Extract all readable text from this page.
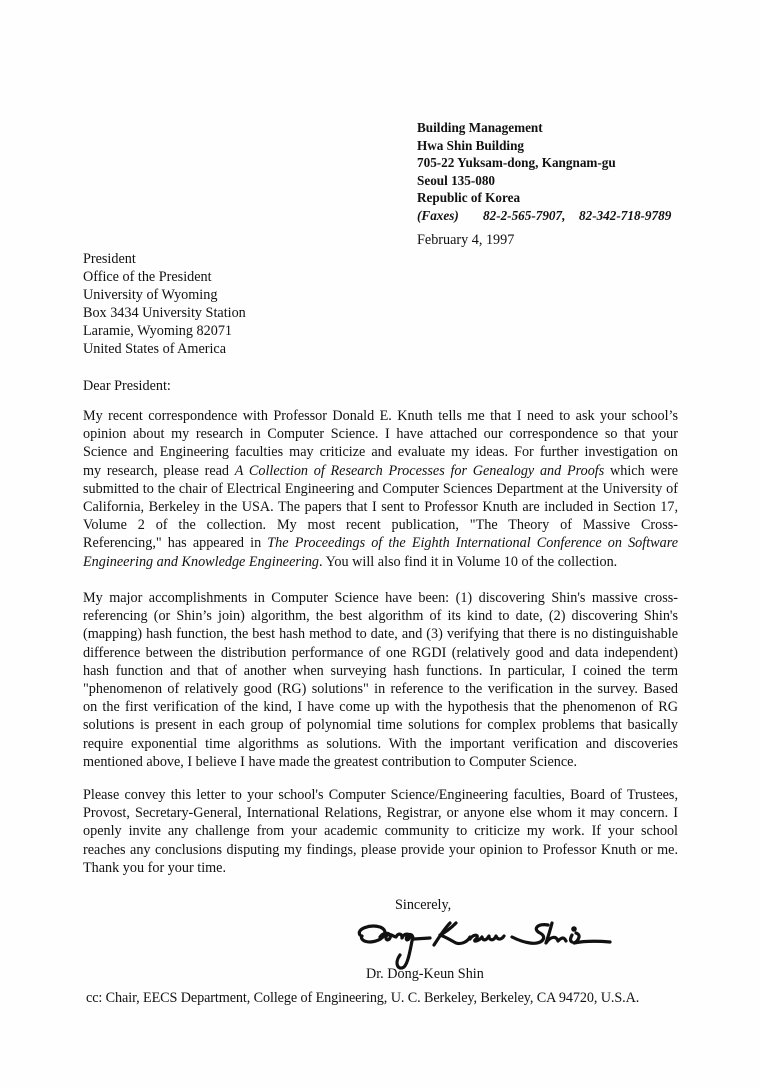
Building Management
Hwa Shin Building
705-22 Yuksam-dong, Kangnam-gu
Seoul 135-080
Republic of Korea
(Faxes) 82-2-565-7907, 82-342-718-9789
February 4, 1997
President
Office of the President
University of Wyoming
Box 3434 University Station
Laramie, Wyoming 82071
United States of America
Dear President:
My recent correspondence with Professor Donald E. Knuth tells me that I need to ask your school’s
opinion about my research in Computer Science. I have attached our correspondence so that your
Science and Engineering faculties may criticize and evaluate my ideas. For further investigation on
my research, please read A Collection of Research Processes for Genealogy and Proofs which were
submitted to the chair of Electrical Engineering and Computer Sciences Department at the University of
California, Berkeley in the USA. The papers that I sent to Professor Knuth are included in Section 17,
Volume 2 of the collection. My most recent publication, "The Theory of Massive Cross-
Referencing," has appeared in The Proceedings of the Eighth International Conference on Software
Engineering and Knowledge Engineering. You will also find it in Volume 10 of the collection.
My major accomplishments in Computer Science have been: (1) discovering Shin's massive cross-
referencing (or Shin’s join) algorithm, the best algorithm of its kind to date, (2) discovering Shin's
(mapping) hash function, the best hash method to date, and (3) verifying that there is no distinguishable
difference between the distribution performance of one RGDI (relatively good and data independent)
hash function and that of another when surveying hash functions. In particular, I coined the term
"phenomenon of relatively good (RG) solutions" in reference to the verification in the survey. Based
on the first verification of the kind, I have come up with the hypothesis that the phenomenon of RG
solutions is present in each group of polynomial time solutions for complex problems that basically
require exponential time algorithms as solutions. With the important verification and discoveries
mentioned above, I believe I have made the greatest contribution to Computer Science.
Please convey this letter to your school's Computer Science/Engineering faculties, Board of Trustees,
Provost, Secretary-General, International Relations, Registrar, or anyone else whom it may concern. I
openly invite any challenge from your academic community to criticize my work. If your school
reaches any conclusions disputing my findings, please provide your opinion to Professor Knuth or me.
Thank you for your time.
Sincerely,
Dr. Dong-Keun Shin
cc: Chair, EECS Department, College of Engineering, U. C. Berkeley, Berkeley, CA 94720, U.S.A.
